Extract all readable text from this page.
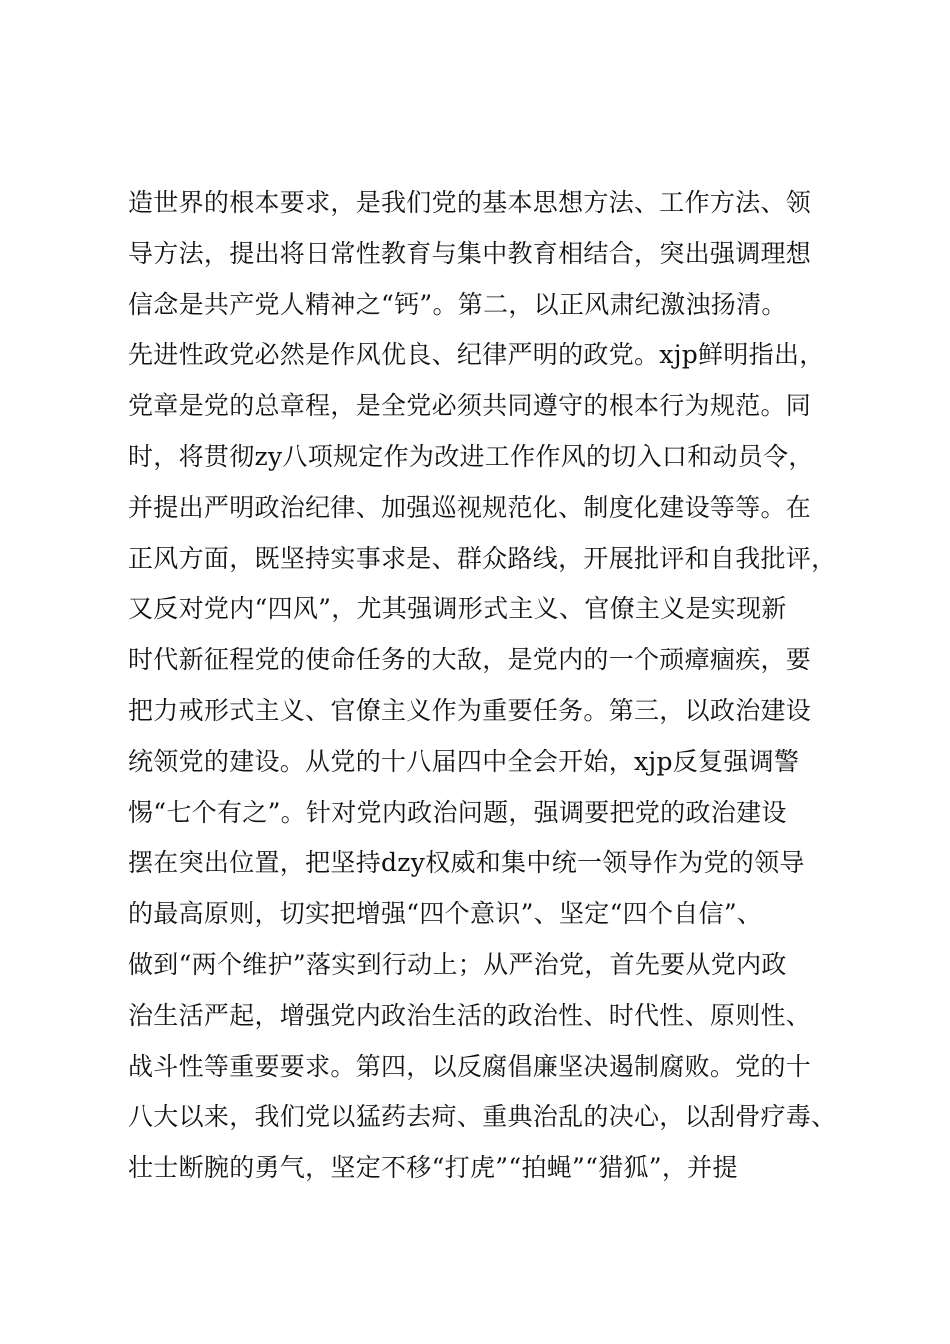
造世界的根本要求，是我们党的基本思想方法、工作方法、领
导方法，提出将日常性教育与集中教育相结合，突出强调理想
信念是共产党人精神之“钙”。第二，以正风肃纪激浊扬清。
先进性政党必然是作风优良、纪律严明的政党。xjp鲜明指出，
党章是党的总章程，是全党必须共同遵守的根本行为规范。同
时，将贯彻zy八项规定作为改进工作作风的切入口和动员令，
并提出严明政治纪律、加强巡视规范化、制度化建设等等。在
正风方面，既坚持实事求是、群众路线，开展批评和自我批评，
又反对党内“四风”，尤其强调形式主义、官僚主义是实现新
时代新征程党的使命任务的大敌，是党内的一个顽瘴痼疾，要
把力戒形式主义、官僚主义作为重要任务。第三，以政治建设
统领党的建设。从党的十八届四中全会开始，xjp反复强调警
惕“七个有之”。针对党内政治问题，强调要把党的政治建设
摆在突出位置，把坚持dzy权威和集中统一领导作为党的领导
的最高原则，切实把增强“四个意识”、坚定“四个自信”、
做到“两个维护”落实到行动上；从严治党，首先要从党内政
治生活严起，增强党内政治生活的政治性、时代性、原则性、
战斗性等重要要求。第四，以反腐倡廉坚决遏制腐败。党的十
八大以来，我们党以猛药去疴、重典治乱的决心，以刮骨疗毒、
壮士断腕的勇气，坚定不移“打虎”“拍蝇”“猎狐”，并提
